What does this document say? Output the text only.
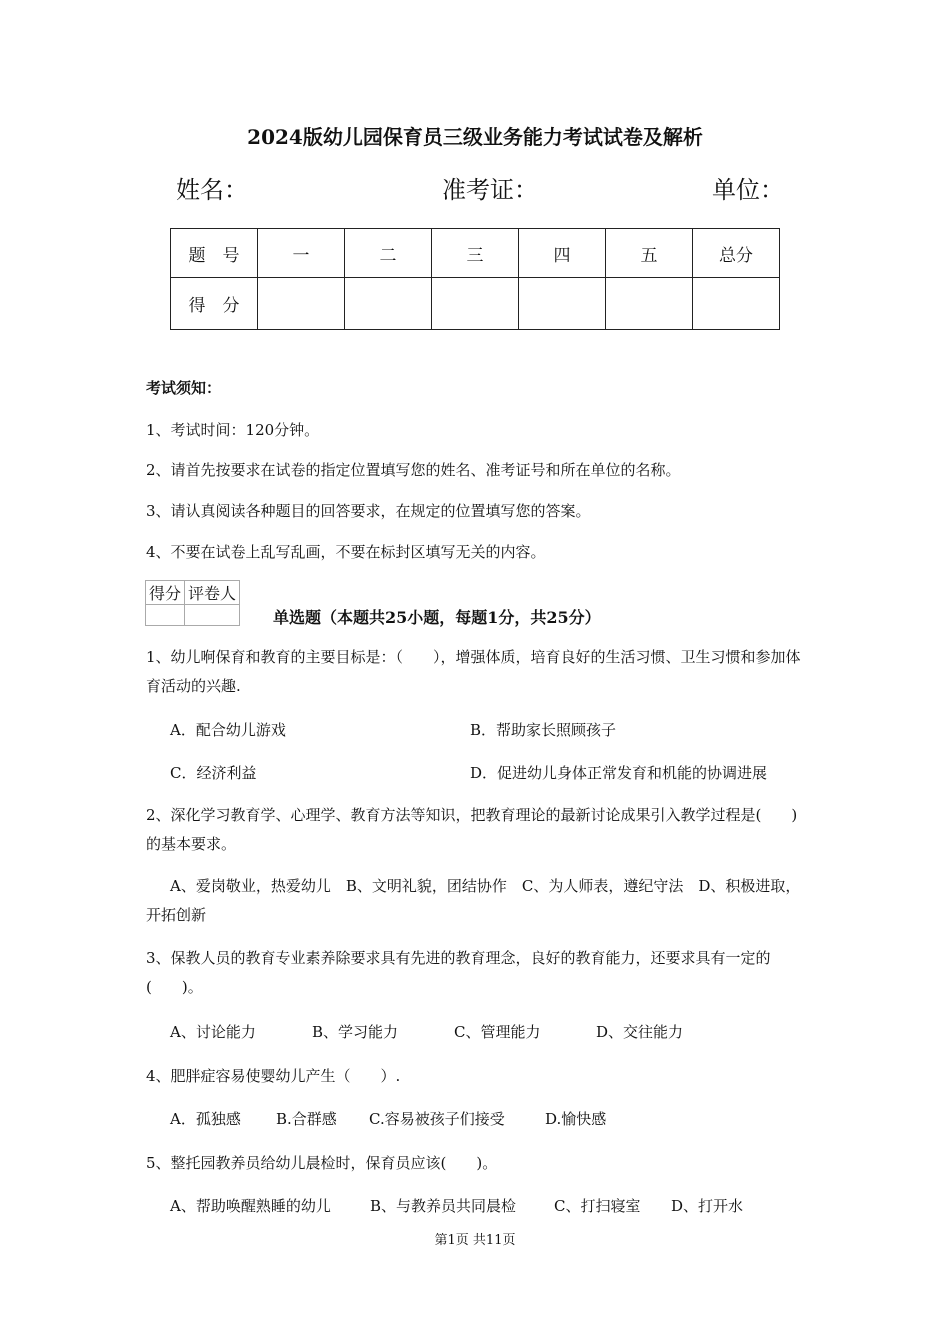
2024版幼儿园保育员三级业务能力考试试卷及解析
姓名：	准考证：	单位：
题　号	一	二	三	四	五	总分
得　分						
考试须知：
1、考试时间：120分钟。
2、请首先按要求在试卷的指定位置填写您的姓名、准考证号和所在单位的名称。
3、请认真阅读各种题目的回答要求，在规定的位置填写您的答案。
4、不要在试卷上乱写乱画，不要在标封区填写无关的内容。
得分	评卷人

单选题（本题共25小题，每题1分，共25分）
1、幼儿哬保育和教育的主要目标是：（　　），增强体质，培育良好的生活习惯、卫生习惯和参加体育活动的兴趣.
A．配合幼儿游戏	B．帮助家长照顾孩子
C．经济利益	D．促进幼儿身体正常发育和机能的协调进展
2、深化学习教育学、心理学、教育方法等知识，把教育理论的最新讨论成果引入教学过程是(　　)的基本要求。
A、爱岗敬业，热爱幼儿　B、文明礼貌，团结协作　C、为人师表，遵纪守法　D、积极进取，开拓创新
3、保教人员的教育专业素养除要求具有先进的教育理念，良好的教育能力，还要求具有一定的(　　)。
A、讨论能力	B、学习能力	C、管理能力	D、交往能力
4、肥胖症容易使婴幼儿产生（　　）.
A．孤独感 B.合群感 C.容易被孩子们接受	D.愉快感
5、整托园教养员给幼儿晨检时，保育员应该(　　)。
A、帮助唤醒熟睡的幼儿	B、与教养员共同晨检	C、打扫寝室 D、打开水
第1页 共11页
